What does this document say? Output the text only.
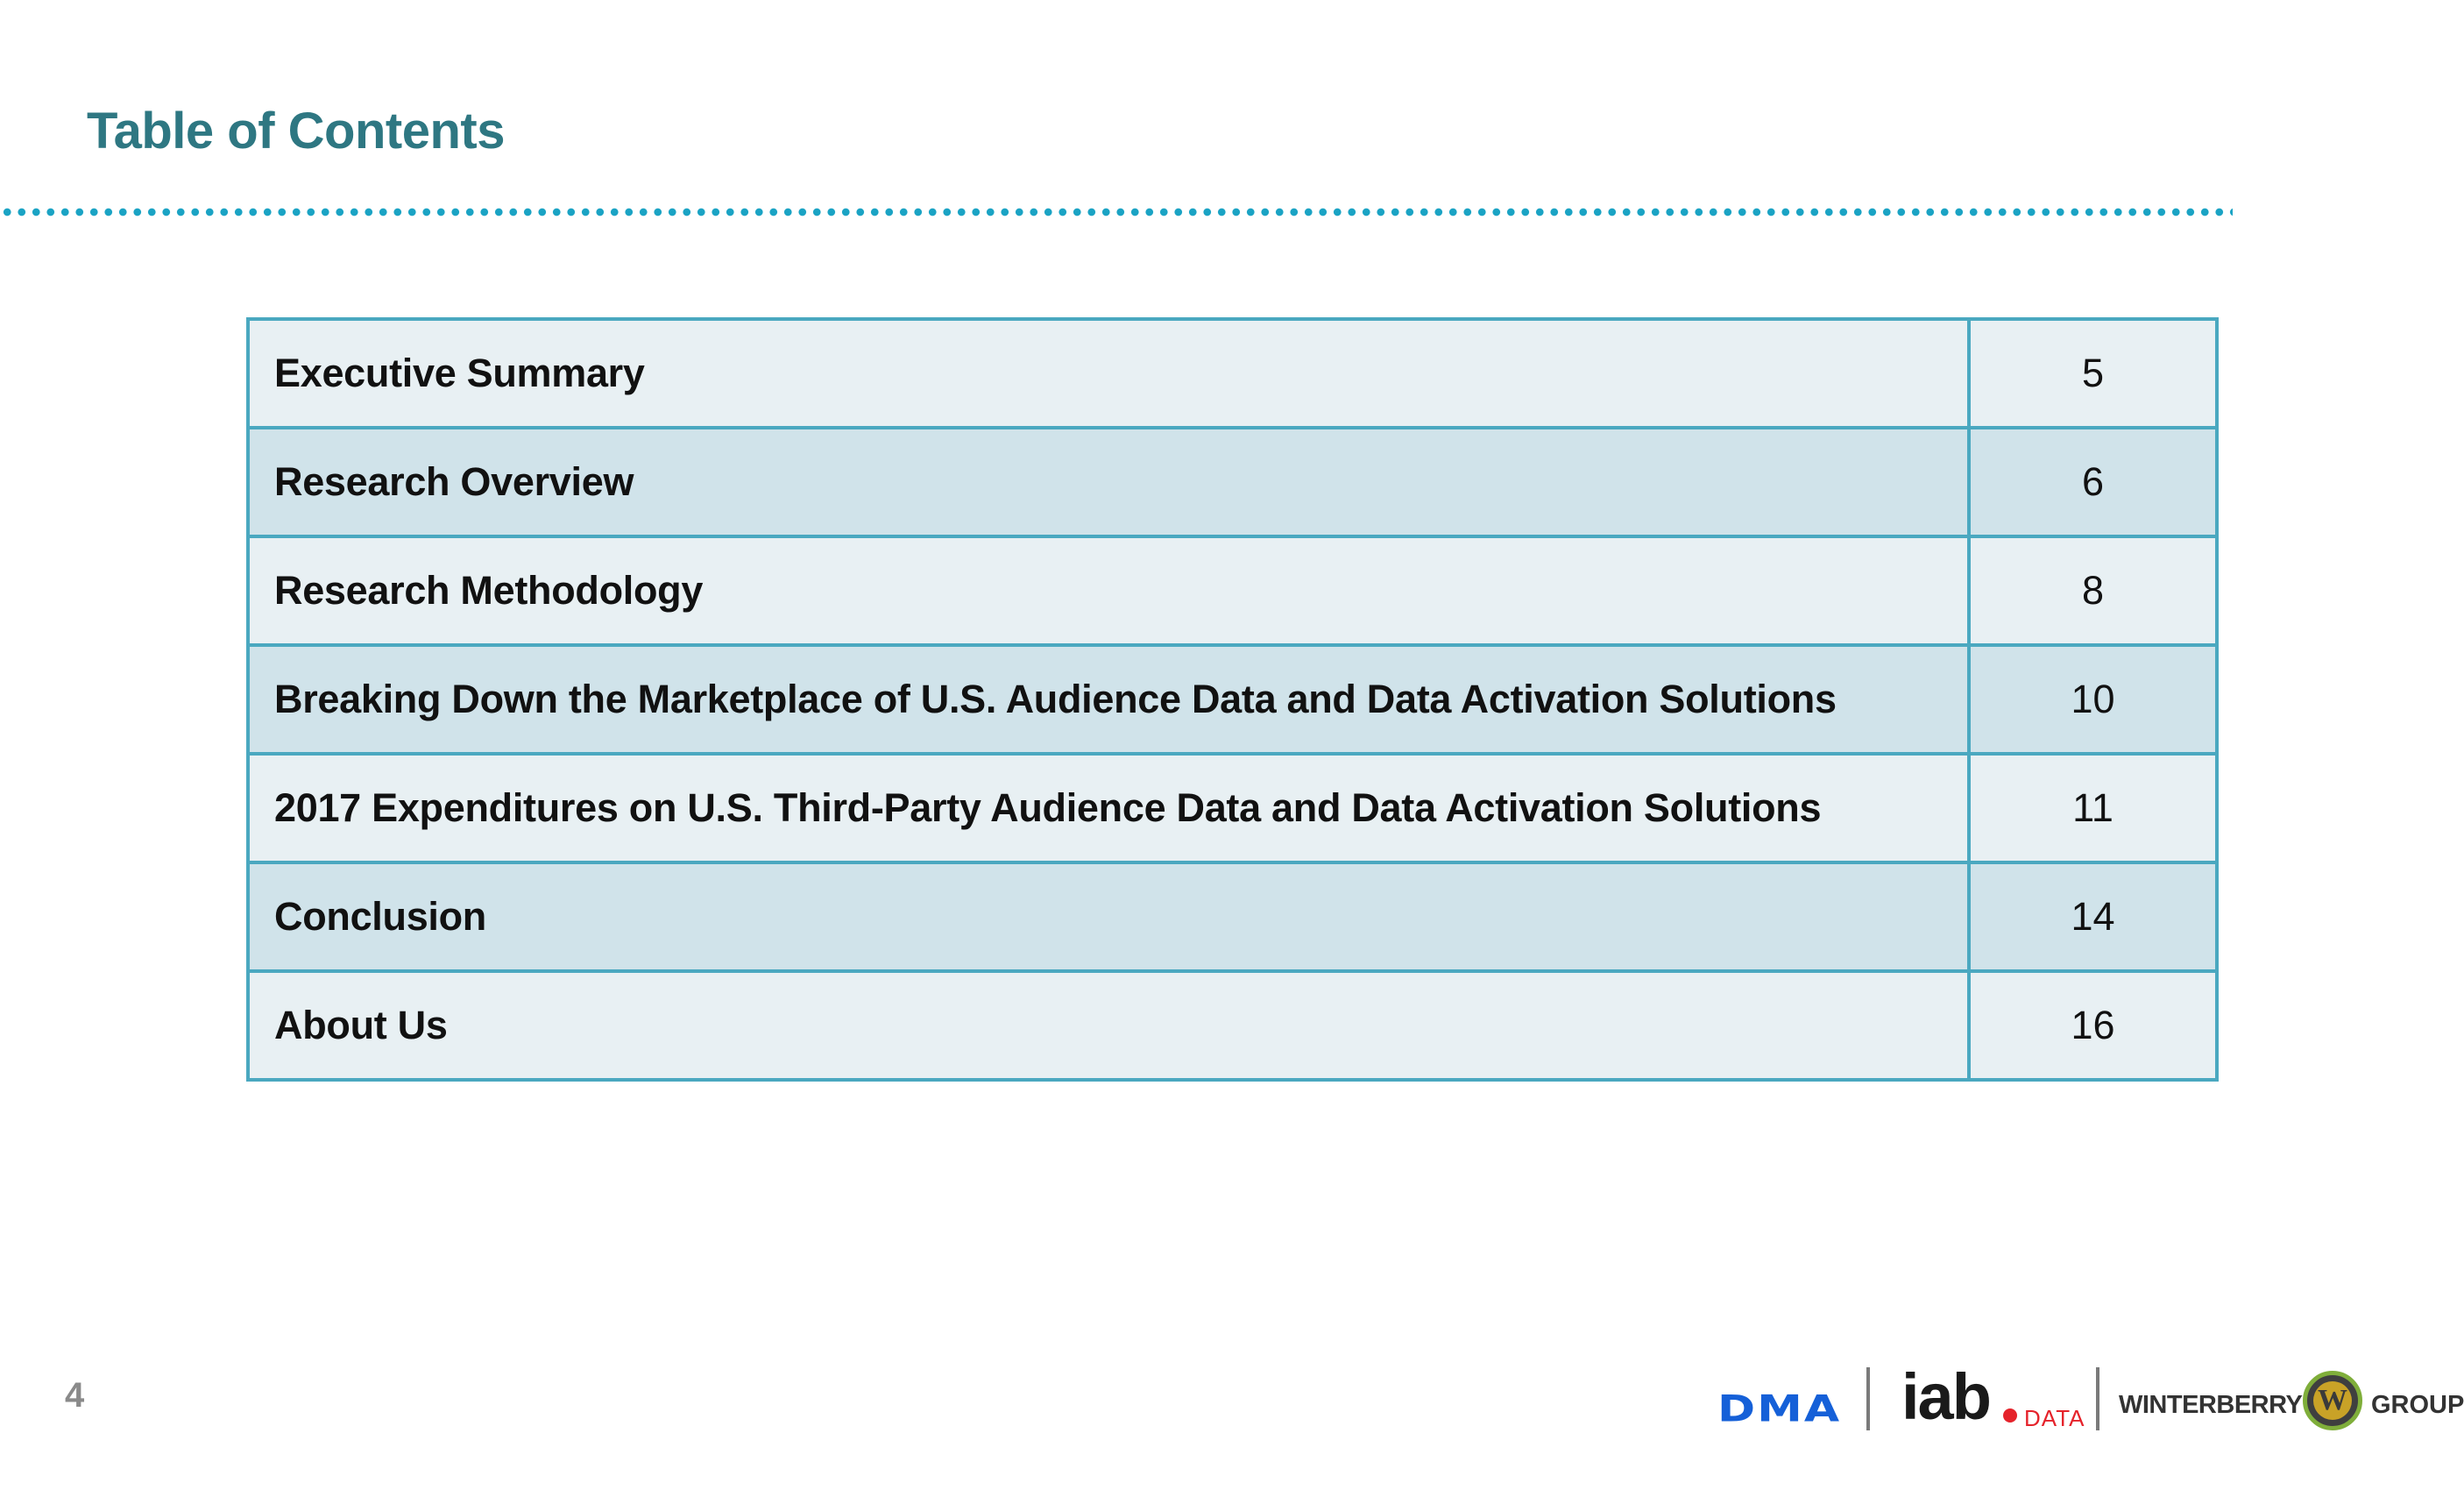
Table of Contents
Executive Summary	5
Research Overview	6
Research Methodology	8
Breaking Down the Marketplace of U.S. Audience Data and Data Activation Solutions	10
2017 Expenditures on U.S. Third-Party Audience Data and Data Activation Solutions	11
Conclusion	14
About Us	16
4	DMA iab DATA WINTERBERRY W GROUP
